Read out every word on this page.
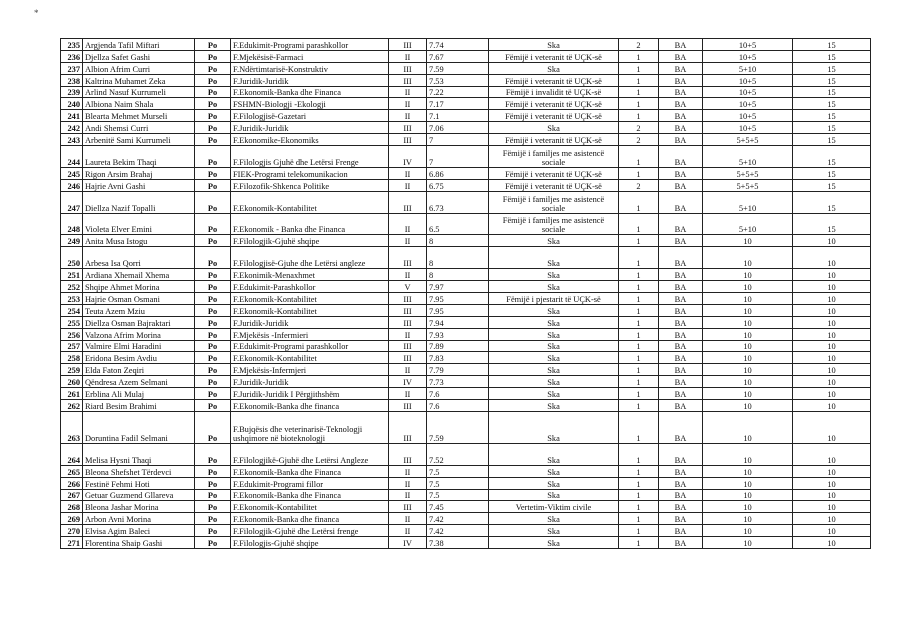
*
235	Argjenda Tafil Miftari	Po	F.Edukimit-Programi parashkollor	III	7.74	Ska	2	BA	10+5	15
236	Djellza Safet Gashi	Po	F.Mjekësisë-Farmaci	II	7.67	Fëmijë i veteranit të UÇK-së	1	BA	10+5	15
237	Albion Afrim Curri	Po	F.Ndërtimtarisë-Konstruktiv	III	7.59	Ska	1	BA	5+10	15
238	Kaltrina Muhamet Zeka	Po	F.Juridik-Juridik	III	7.53	Fëmijë i veteranit të UÇK-së	1	BA	10+5	15
239	Arlind Nasuf Kurrumeli	Po	F.Ekonomik-Banka dhe Financa	II	7.22	Fëmijë i invalidit të UÇK-së	1	BA	10+5	15
240	Albiona Naim Shala	Po	FSHMN-Biologji -Ekologji	II	7.17	Fëmijë i veteranit të UÇK-së	1	BA	10+5	15
241	Blearta Mehmet Murseli	Po	F.Filologjisë-Gazetari	II	7.1	Fëmijë i veteranit të UÇK-së	1	BA	10+5	15
242	Andi Shemsi Curri	Po	F.Juridik-Juridik	III	7.06	Ska	2	BA	10+5	15
243	Arbenitë Sami Kurrumeli	Po	F.Ekonomike-Ekonomiks	III	7	Fëmijë i veteranit të UÇK-së	2	BA	5+5+5	15
244	Laureta Bekim Thaqi	Po	F.Filologjis Gjuhë dhe Letërsi Frenge	IV	7	Fëmijë i familjes me asistencë sociale	1	BA	5+10	15
245	Rigon Arsim Brahaj	Po	FIEK-Programi telekomunikacion	II	6.86	Fëmijë i veteranit të UÇK-së	1	BA	5+5+5	15
246	Hajrie Avni Gashi	Po	F.Filozofik-Shkenca Politike	II	6.75	Fëmijë i veteranit të UÇK-së	2	BA	5+5+5	15
247	Diellza Nazif Topalli	Po	F.Ekonomik-Kontabilitet	III	6.73	Fëmijë i familjes me asistencë sociale	1	BA	5+10	15
248	Violeta Elver Emini	Po	F.Ekonomik - Banka dhe Financa	II	6.5	Fëmijë i familjes me asistencë sociale	1	BA	5+10	15
249	Anita Musa Istogu	Po	F.Filologjik-Gjuhë shqipe	II	8	Ska	1	BA	10	10
250	Arbesa Isa Qorri	Po	F.Filologjisë-Gjuhe dhe Letërsi angleze	III	8	Ska	1	BA	10	10
251	Ardiana Xhemail Xhema	Po	F.Ekonimik-Menaxhmet	II	8	Ska	1	BA	10	10
252	Shqipe Ahmet Morina	Po	F.Edukimit-Parashkollor	V	7.97	Ska	1	BA	10	10
253	Hajrie Osman Osmani	Po	F.Ekonomik-Kontabilitet	III	7.95	Fëmijë i pjestarit të UÇK-së	1	BA	10	10
254	Teuta Azem Mziu	Po	F.Ekonomik-Kontabilitet	III	7.95	Ska	1	BA	10	10
255	Diellza Osman Bajraktari	Po	F.Juridik-Juridik	III	7.94	Ska	1	BA	10	10
256	Valzona Afrim Morina	Po	F.Mjekësis -Infermieri	II	7.93	Ska	1	BA	10	10
257	Valmire Elmi Haradini	Po	F.Edukimit-Programi parashkollor	III	7.89	Ska	1	BA	10	10
258	Eridona Besim Avdiu	Po	F.Ekonomik-Kontabilitet	III	7.83	Ska	1	BA	10	10
259	Elda Faton Zeqiri	Po	F.Mjekësis-Infermjeri	II	7.79	Ska	1	BA	10	10
260	Qëndresa Azem Selmani	Po	F.Juridik-Juridik	IV	7.73	Ska	1	BA	10	10
261	Erblina Ali Mulaj	Po	F.Juridik-Juridik I Përgjithshëm	II	7.6	Ska	1	BA	10	10
262	Riard Besim Brahimi	Po	F.Ekonomik-Banka dhe financa	III	7.6	Ska	1	BA	10	10
263	Doruntina Fadil Selmani	Po	F.Bujqësis dhe veterinarisë-Teknologji ushqimore në bioteknologji	III	7.59	Ska	1	BA	10	10
264	Melisa Hysni Thaqi	Po	F.Filologjikë-Gjuhë dhe Letërsi Angleze	III	7.52	Ska	1	BA	10	10
265	Bleona Shefshet Tërdevci	Po	F.Ekonomik-Banka dhe Financa	II	7.5	Ska	1	BA	10	10
266	Festinë Fehmi Hoti	Po	F.Edukimit-Programi fillor	II	7.5	Ska	1	BA	10	10
267	Getuar Guzmend Gllareva	Po	F.Ekonomik-Banka dhe Financa	II	7.5	Ska	1	BA	10	10
268	Bleona Jashar Morina	Po	F.Ekonomik-Kontabilitet	III	7.45	Vertetim-Viktim civile	1	BA	10	10
269	Arbon Avni Morina	Po	F.Ekonomik-Banka dhe financa	II	7.42	Ska	1	BA	10	10
270	Elvisa Agim Baleci	Po	F.Filologjik-Gjuhë dhe Letërsi frenge	II	7.42	Ska	1	BA	10	10
271	Florentina Shaip Gashi	Po	F.Filologjis-Gjuhë shqipe	IV	7.38	Ska	1	BA	10	10
